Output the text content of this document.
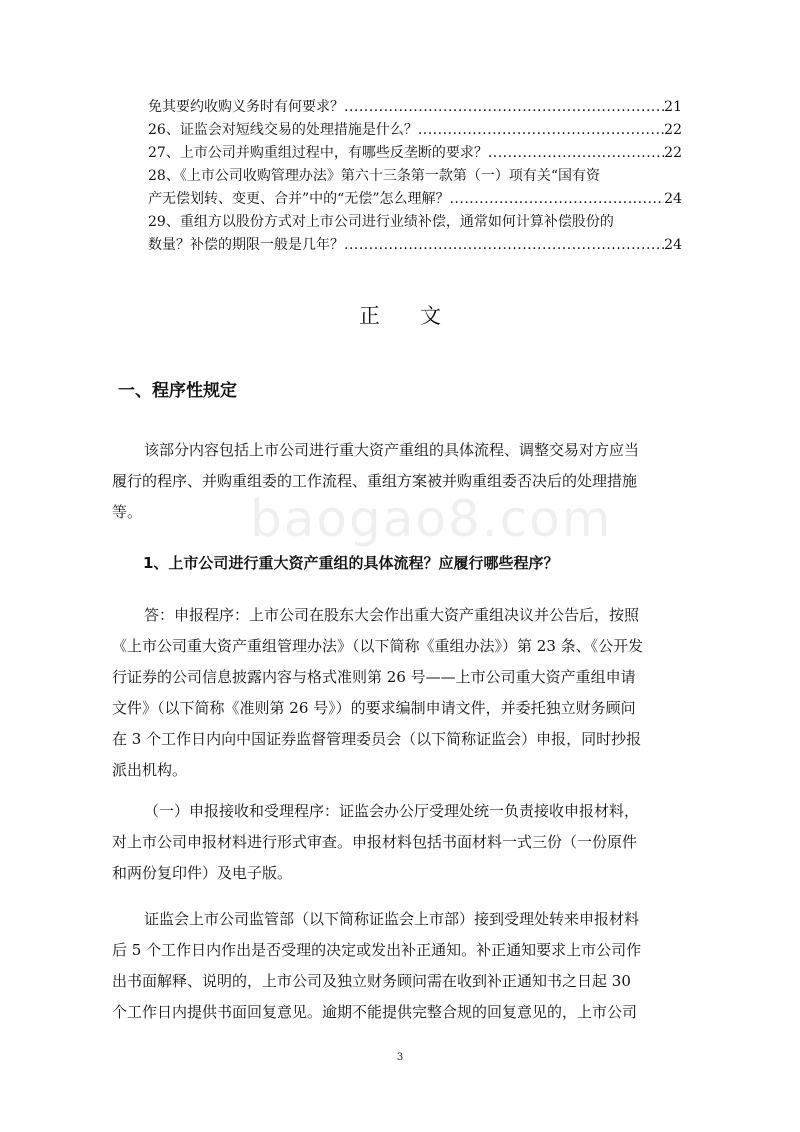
免其要约收购义务时有何要求？ .....	21
26、证监会对短线交易的处理措施是什么？ .....	22
27、上市公司并购重组过程中，有哪些反垄断的要求？ .....	22
28、《上市公司收购管理办法》第六十三条第一款第（一）项有关“国有资
产无偿划转、变更、合并”中的“无偿”怎么理解？ .....	24
29、重组方以股份方式对上市公司进行业绩补偿，通常如何计算补偿股份的
数量？补偿的期限一般是几年？ .....	24
正文
一、程序性规定
baogao8.com
该部分内容包括上市公司进行重大资产重组的具体流程、调整交易对方应当
履行的程序、并购重组委的工作流程、重组方案被并购重组委否决后的处理措施
等。
1、上市公司进行重大资产重组的具体流程？应履行哪些程序？
答：申报程序：上市公司在股东大会作出重大资产重组决议并公告后，按照
《上市公司重大资产重组管理办法》（以下简称《重组办法》）第 23 条、《公开发
行证券的公司信息披露内容与格式准则第 26 号——上市公司重大资产重组申请
文件》（以下简称《准则第 26 号》）的要求编制申请文件，并委托独立财务顾问
在 3 个工作日内向中国证券监督管理委员会（以下简称证监会）申报，同时抄报
派出机构。
（一）申报接收和受理程序：证监会办公厅受理处统一负责接收申报材料，
对上市公司申报材料进行形式审查。申报材料包括书面材料一式三份（一份原件
和两份复印件）及电子版。
证监会上市公司监管部（以下简称证监会上市部）接到受理处转来申报材料
后 5 个工作日内作出是否受理的决定或发出补正通知。补正通知要求上市公司作
出书面解释、说明的，上市公司及独立财务顾问需在收到补正通知书之日起 30
个工作日内提供书面回复意见。逾期不能提供完整合规的回复意见的，上市公司
3
